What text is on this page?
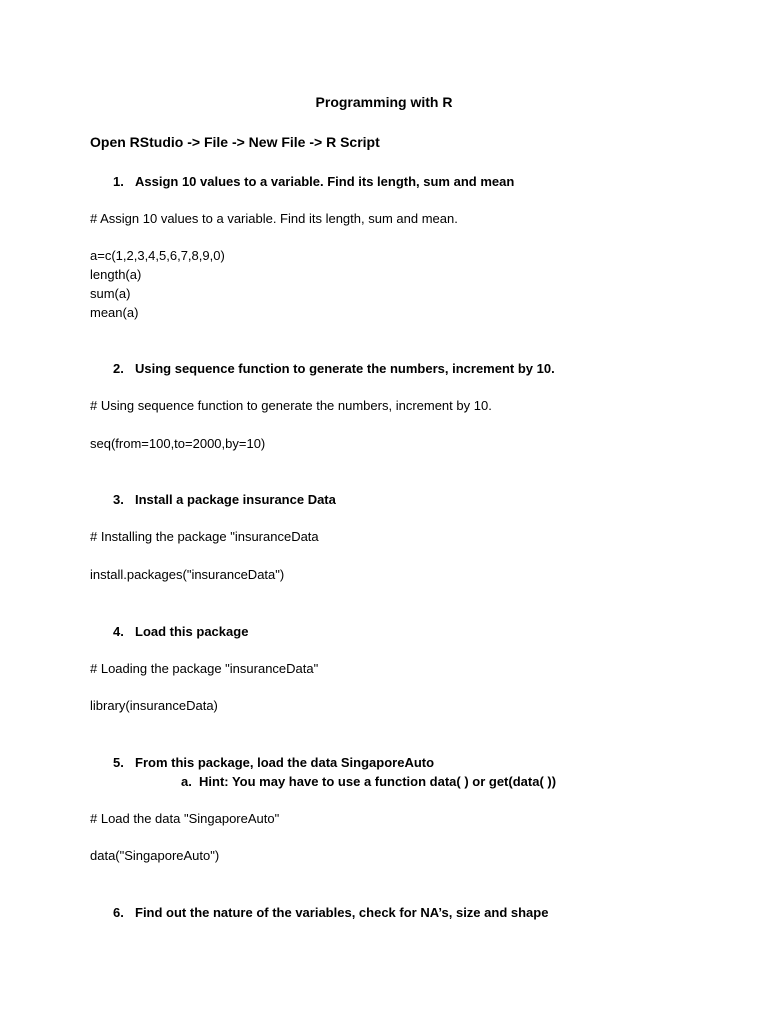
Programming with R
Open RStudio -> File -> New File -> R Script
1. Assign 10 values to a variable. Find its length, sum and mean
# Assign 10 values to a variable. Find its length, sum and mean.
a=c(1,2,3,4,5,6,7,8,9,0)
length(a)
sum(a)
mean(a)
2. Using sequence function to generate the numbers, increment by 10.
# Using sequence function to generate the numbers, increment by 10.
seq(from=100,to=2000,by=10)
3. Install a package insurance Data
# Installing the package "insuranceData
install.packages("insuranceData")
4. Load this package
# Loading the package "insuranceData"
library(insuranceData)
5. From this package, load the data SingaporeAuto
a. Hint: You may have to use a function data( ) or get(data( ))
# Load the data "SingaporeAuto"
data("SingaporeAuto")
6. Find out the nature of the variables, check for NA’s, size and shape
